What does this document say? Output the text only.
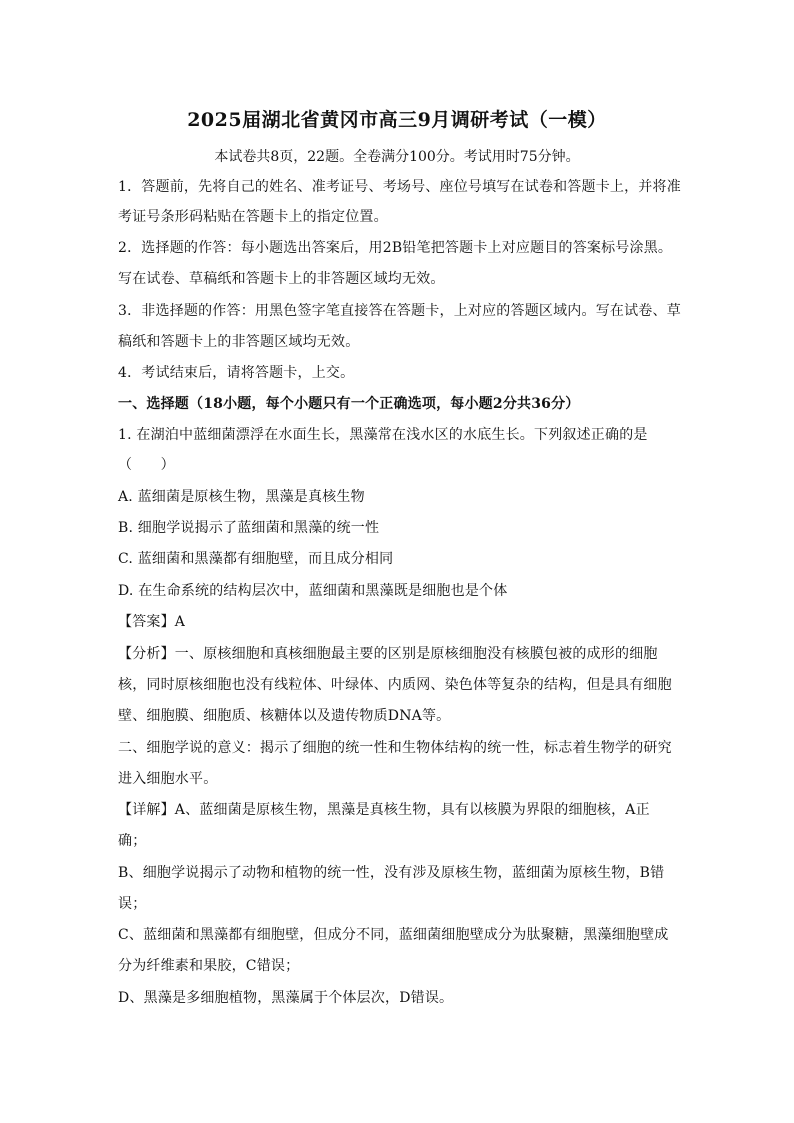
2025届湖北省黄冈市高三9月调研考试（一模）
本试卷共8页，22题。全卷满分100分。考试用时75分钟。
1．答题前，先将自己的姓名、准考证号、考场号、座位号填写在试卷和答题卡上，并将准
考证号条形码粘贴在答题卡上的指定位置。
2．选择题的作答：每小题选出答案后，用2B铅笔把答题卡上对应题目的答案标号涂黑。
写在试卷、草稿纸和答题卡上的非答题区域均无效。
3．非选择题的作答：用黑色签字笔直接答在答题卡，上对应的答题区域内。写在试卷、草
稿纸和答题卡上的非答题区域均无效。
4．考试结束后，请将答题卡，上交。
一、选择题（18小题，每个小题只有一个正确选项，每小题2分共36分）
1. 在湖泊中蓝细菌漂浮在水面生长，黑藻常在浅水区的水底生长。下列叙述正确的是
（　　）
A. 蓝细菌是原核生物，黑藻是真核生物
B. 细胞学说揭示了蓝细菌和黑藻的统一性
C. 蓝细菌和黑藻都有细胞壁，而且成分相同
D. 在生命系统的结构层次中，蓝细菌和黑藻既是细胞也是个体
【答案】A
【分析】一、原核细胞和真核细胞最主要的区别是原核细胞没有核膜包被的成形的细胞
核，同时原核细胞也没有线粒体、叶绿体、内质网、染色体等复杂的结构，但是具有细胞
壁、细胞膜、细胞质、核糖体以及遗传物质DNA等。
二、细胞学说的意义：揭示了细胞的统一性和生物体结构的统一性，标志着生物学的研究
进入细胞水平。
【详解】A、蓝细菌是原核生物，黑藻是真核生物，具有以核膜为界限的细胞核，A正
确；
B、细胞学说揭示了动物和植物的统一性，没有涉及原核生物，蓝细菌为原核生物，B错
误；
C、蓝细菌和黑藻都有细胞壁，但成分不同，蓝细菌细胞壁成分为肽聚糖，黑藻细胞壁成
分为纤维素和果胶，C错误；
D、黑藻是多细胞植物，黑藻属于个体层次，D错误。
